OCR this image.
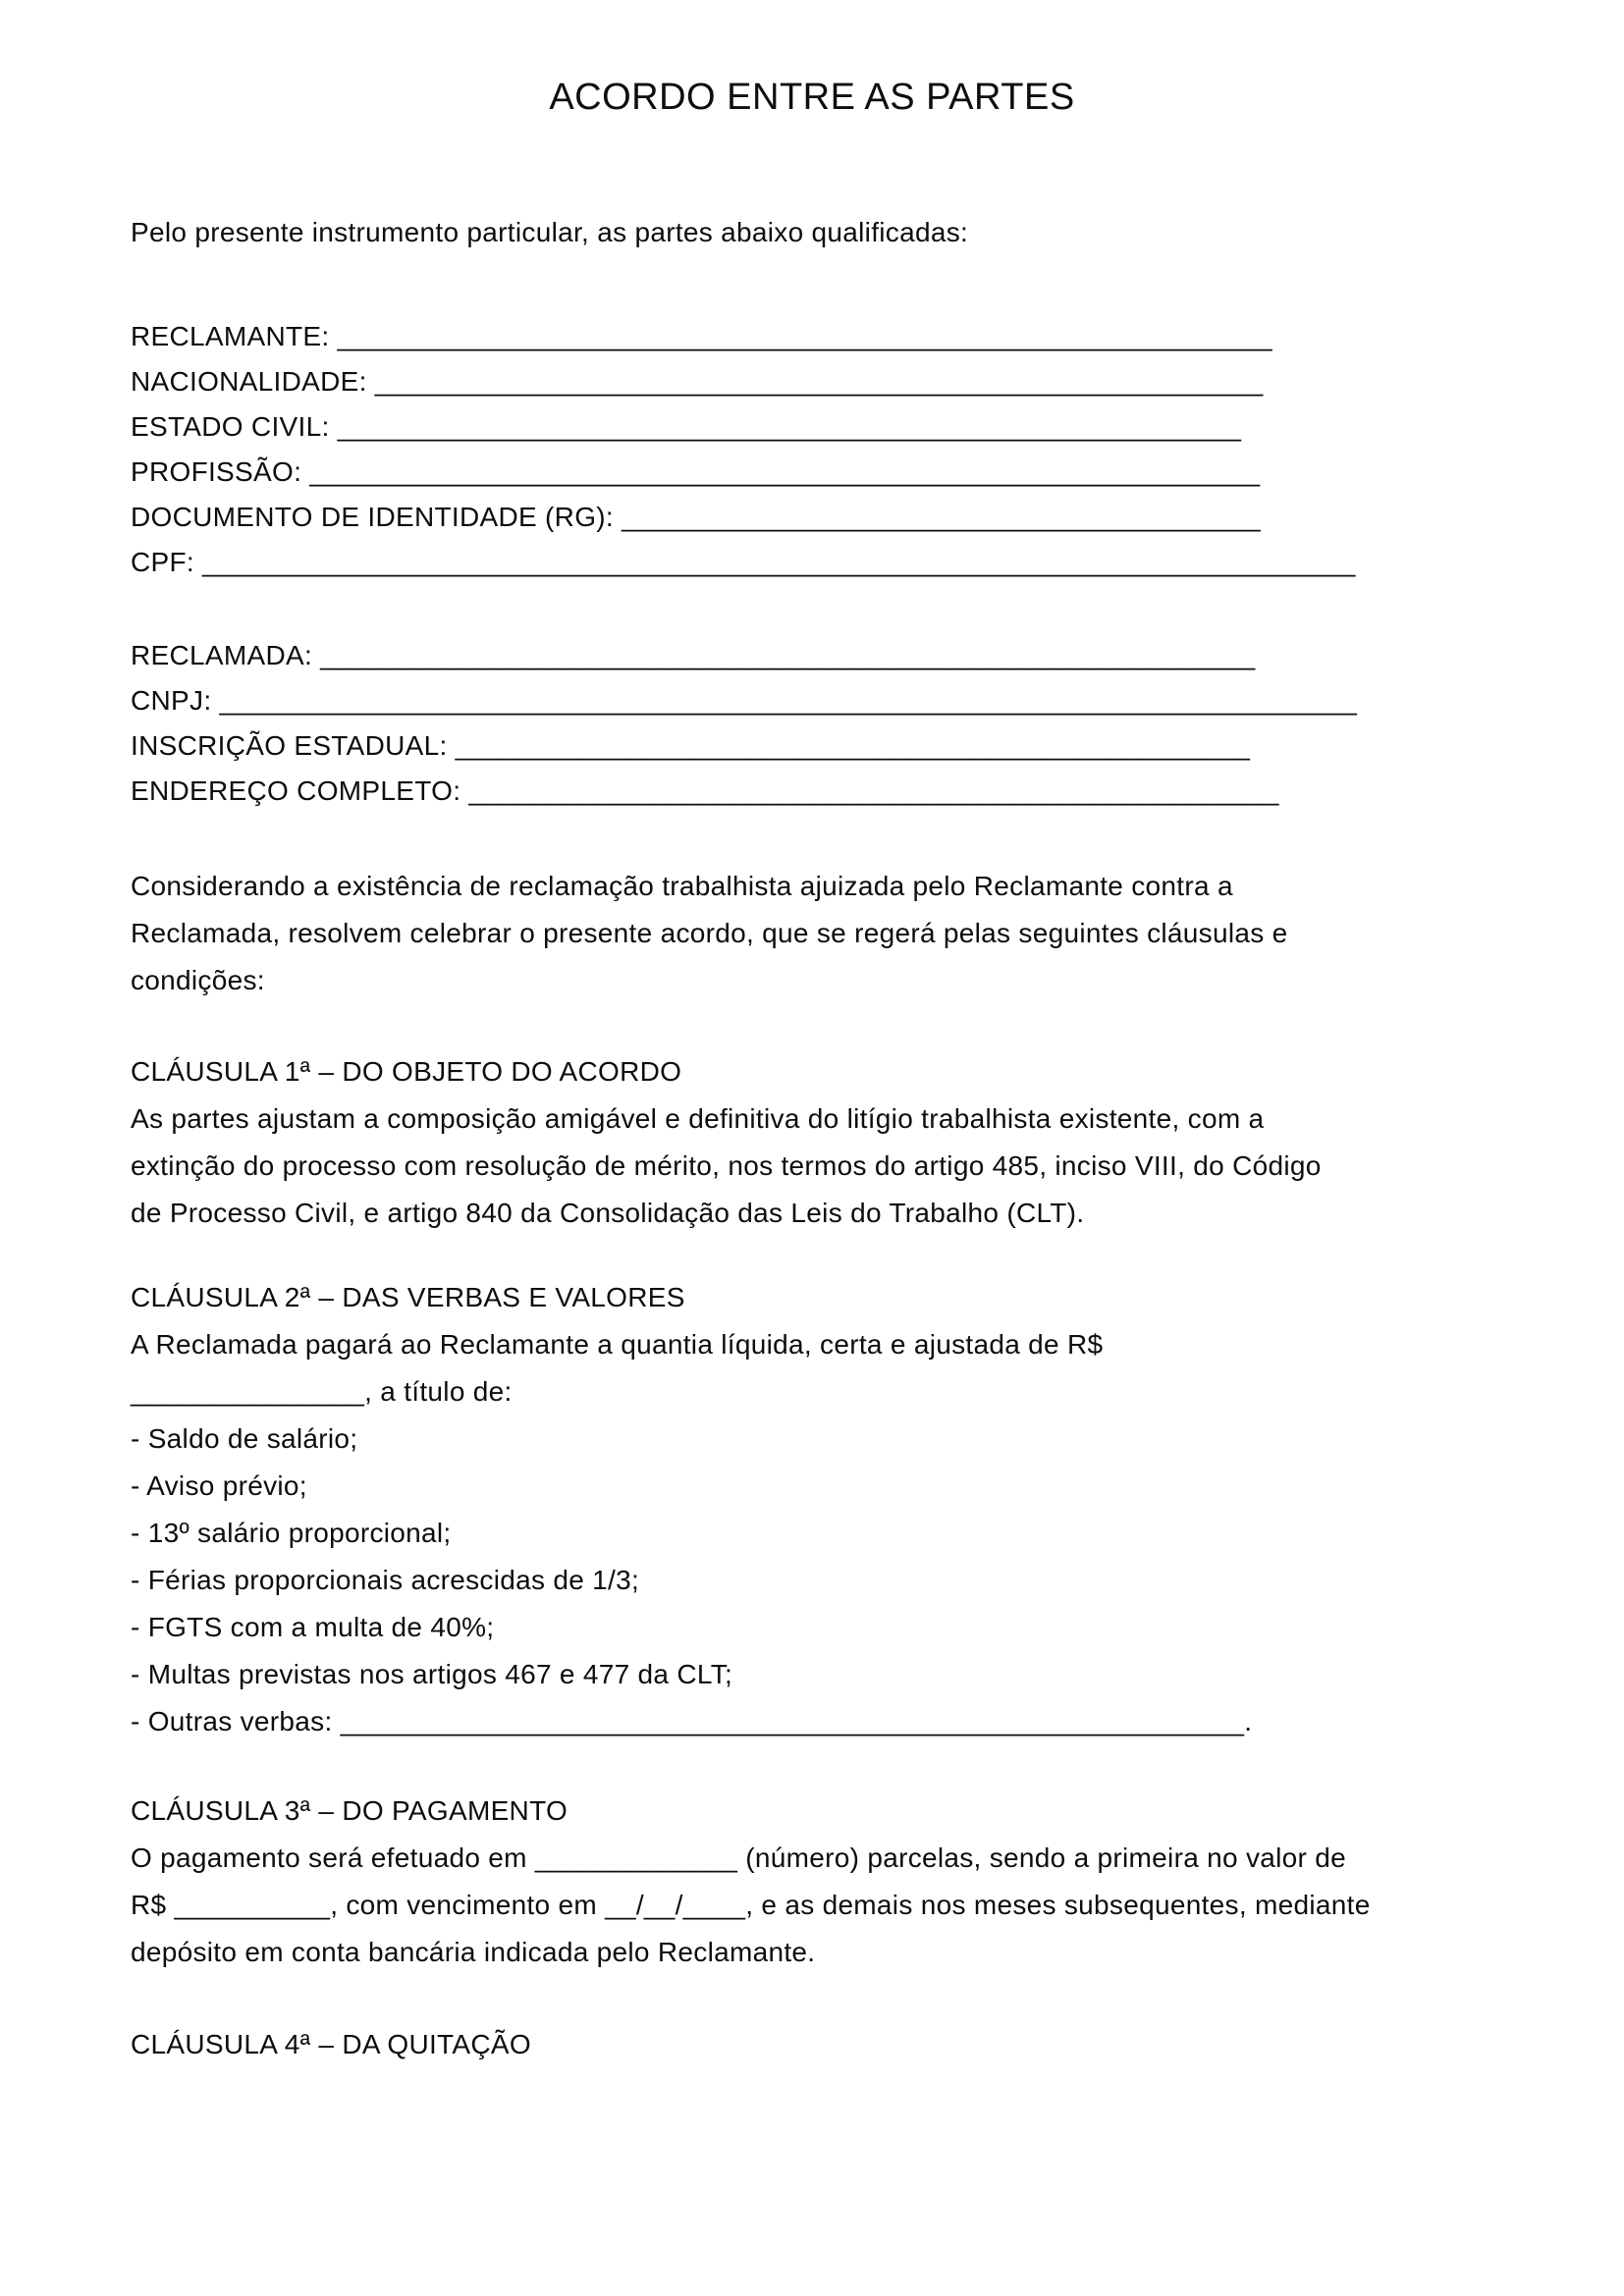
ACORDO ENTRE AS PARTES
Pelo presente instrumento particular, as partes abaixo qualificadas:
RECLAMANTE: ____________________________________________________________
NACIONALIDADE: _________________________________________________________
ESTADO CIVIL: __________________________________________________________
PROFISSÃO: _____________________________________________________________
DOCUMENTO DE IDENTIDADE (RG): _________________________________________
CPF: __________________________________________________________________________
RECLAMADA: ____________________________________________________________
CNPJ: _________________________________________________________________________
INSCRIÇÃO ESTADUAL: ___________________________________________________
ENDEREÇO COMPLETO: ____________________________________________________
Considerando a existência de reclamação trabalhista ajuizada pelo Reclamante contra a
Reclamada, resolvem celebrar o presente acordo, que se regerá pelas seguintes cláusulas e
condições:
CLÁUSULA 1ª – DO OBJETO DO ACORDO
As partes ajustam a composição amigável e definitiva do litígio trabalhista existente, com a
extinção do processo com resolução de mérito, nos termos do artigo 485, inciso VIII, do Código
de Processo Civil, e artigo 840 da Consolidação das Leis do Trabalho (CLT).
CLÁUSULA 2ª – DAS VERBAS E VALORES
A Reclamada pagará ao Reclamante a quantia líquida, certa e ajustada de R$
_______________, a título de:
- Saldo de salário;
- Aviso prévio;
- 13º salário proporcional;
- Férias proporcionais acrescidas de 1/3;
- FGTS com a multa de 40%;
- Multas previstas nos artigos 467 e 477 da CLT;
- Outras verbas: __________________________________________________________.
CLÁUSULA 3ª – DO PAGAMENTO
O pagamento será efetuado em _____________ (número) parcelas, sendo a primeira no valor de
R$ __________, com vencimento em __/__/____, e as demais nos meses subsequentes, mediante
depósito em conta bancária indicada pelo Reclamante.
CLÁUSULA 4ª – DA QUITAÇÃO
